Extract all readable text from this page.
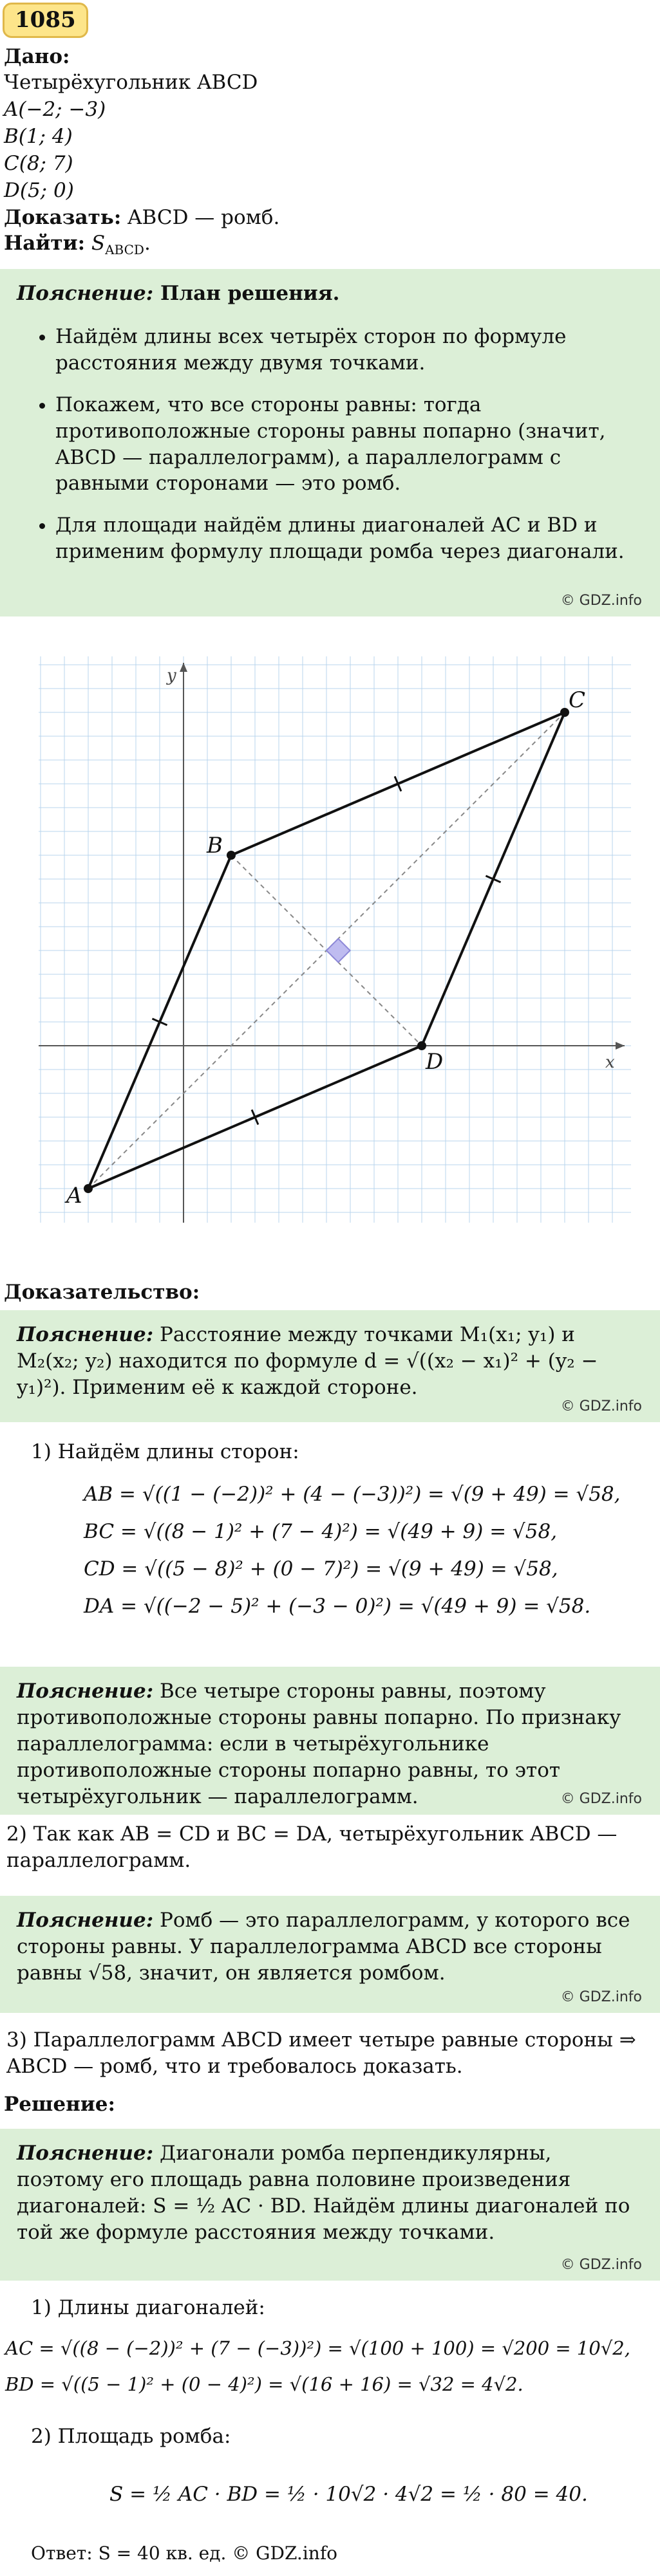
1085
Дано:
Четырёхугольник ABCD
A(−2; −3)
B(1; 4)
C(8; 7)
D(5; 0)
Доказать: ABCD — ромб.
Найти: $S_{ABCD}$.
Пояснение: План решения.
• Найдём длины всех четырёх сторон по формуле расстояния между двумя точками.
• Покажем, что все стороны равны: тогда противоположные стороны равны попарно (значит, ABCD — параллелограмм), а параллелограмм с равными сторонами — это ромб.
• Для площади найдём длины диагоналей AC и BD и применим формулу площади ромба через диагонали.
© GDZ.info
x
y
A
B
C
D
Доказательство:
Пояснение: Расстояние между точками M₁(x₁; y₁) и M₂(x₂; y₂) находится по формуле d = √((x₂ − x₁)² + (y₂ − y₁)²). Применим её к каждой стороне.
© GDZ.info
1) Найдём длины сторон:
AB = √((1 − (−2))² + (4 − (−3))²) = √(9 + 49) = √58,
BC = √((8 − 1)² + (7 − 4)²) = √(49 + 9) = √58,
CD = √((5 − 8)² + (0 − 7)²) = √(9 + 49) = √58,
DA = √((−2 − 5)² + (−3 − 0)²) = √(49 + 9) = √58.
Пояснение: Все четыре стороны равны, поэтому противоположные стороны равны попарно. По признаку параллелограмма: если в четырёхугольнике противоположные стороны попарно равны, то этот четырёхугольник — параллелограмм.	© GDZ.info
2) Так как AB = CD и BC = DA, четырёхугольник ABCD — параллелограмм.
Пояснение: Ромб — это параллелограмм, у которого все стороны равны. У параллелограмма ABCD все стороны равны √58, значит, он является ромбом.
© GDZ.info
3) Параллелограмм ABCD имеет четыре равные стороны ⇒ ABCD — ромб, что и требовалось доказать.
Решение:
Пояснение: Диагонали ромба перпендикулярны, поэтому его площадь равна половине произведения диагоналей: S = ½ AC · BD. Найдём длины диагоналей по той же формуле расстояния между точками.
© GDZ.info
1) Длины диагоналей:
AC = √((8 − (−2))² + (7 − (−3))²) = √(100 + 100) = √200 = 10√2,
BD = √((5 − 1)² + (0 − 4)²) = √(16 + 16) = √32 = 4√2.
2) Площадь ромба:
S = ½ AC · BD = ½ · 10√2 · 4√2 = ½ · 80 = 40.
Ответ: S = 40 кв. ед. © GDZ.info
